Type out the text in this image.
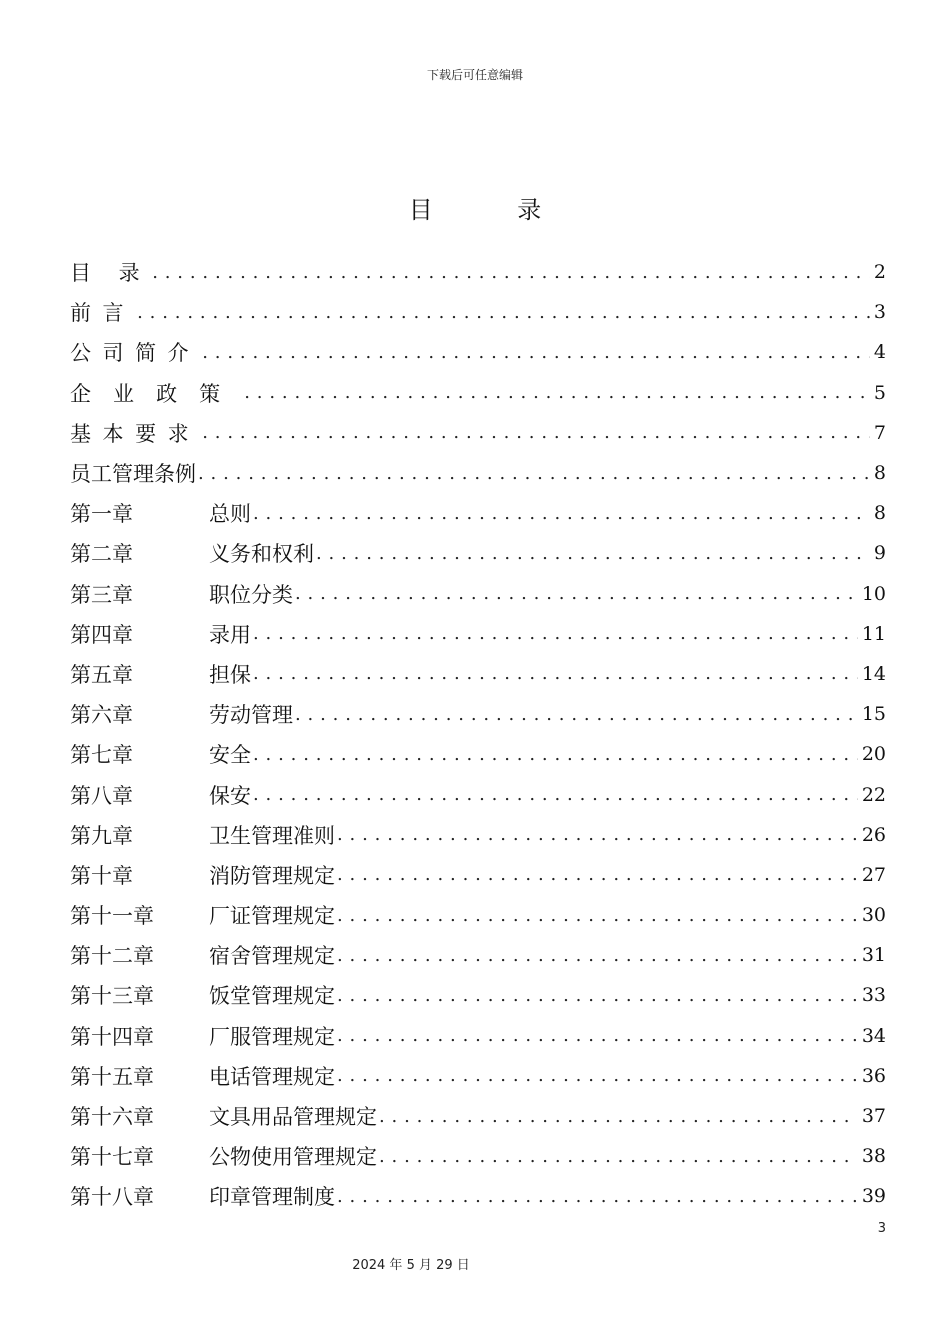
下载后可任意编辑
目 录
目 录 .....	2
前言 .....	3
公司简介 .....	4
企业政策 .....	5
基本要求 .....	7
员工管理条例 .....	8
第一章	总则 .....	8
第二章	义务和权利 .....	9
第三章	职位分类 .....	10
第四章	录用 .....	11
第五章	担保 .....	14
第六章	劳动管理 .....	15
第七章	安全 .....	20
第八章	保安 .....	22
第九章	卫生管理准则 .....	26
第十章	消防管理规定 .....	27
第十一章	厂证管理规定 .....	30
第十二章	宿舍管理规定 .....	31
第十三章	饭堂管理规定 .....	33
第十四章	厂服管理规定 .....	34
第十五章	电话管理规定 .....	36
第十六章	文具用品管理规定 .....	37
第十七章	公物使用管理规定 .....	38
第十八章	印章管理制度 .....	39
3
2024 年 5 月 29 日
